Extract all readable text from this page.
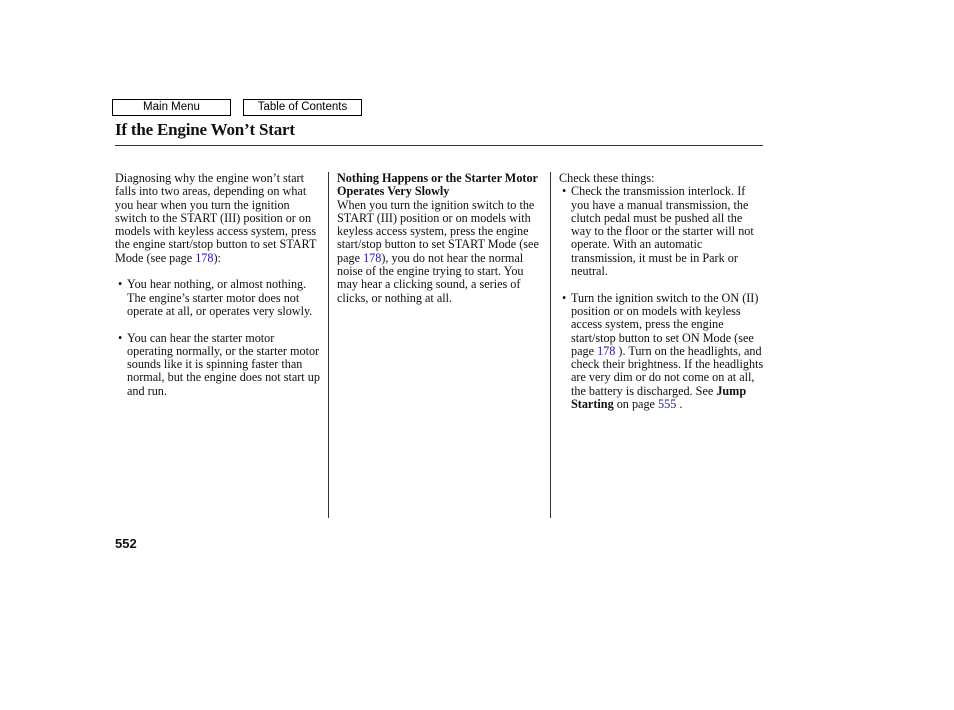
Main Menu	Table of Contents
If the Engine Won’t Start

Diagnosing why the engine won’t start falls into two areas, depending on what you hear when you turn the ignition switch to the START (III) position or on models with keyless access system, press the engine start/stop button to set START Mode (see page 178):

• You hear nothing, or almost nothing. The engine’s starter motor does not operate at all, or operates very slowly.

• You can hear the starter motor operating normally, or the starter motor sounds like it is spinning faster than normal, but the engine does not start up and run.

Nothing Happens or the Starter Motor Operates Very Slowly

When you turn the ignition switch to the START (III) position or on models with keyless access system, press the engine start/stop button to set START Mode (see page 178), you do not hear the normal noise of the engine trying to start. You may hear a clicking sound, a series of clicks, or nothing at all.

Check these things:

• Check the transmission interlock. If you have a manual transmission, the clutch pedal must be pushed all the way to the floor or the starter will not operate. With an automatic transmission, it must be in Park or neutral.

• Turn the ignition switch to the ON (II) position or on models with keyless access system, press the engine start/stop button to set ON Mode (see page 178 ). Turn on the headlights, and check their brightness. If the headlights are very dim or do not come on at all, the battery is discharged. See Jump Starting on page 555 .

552
